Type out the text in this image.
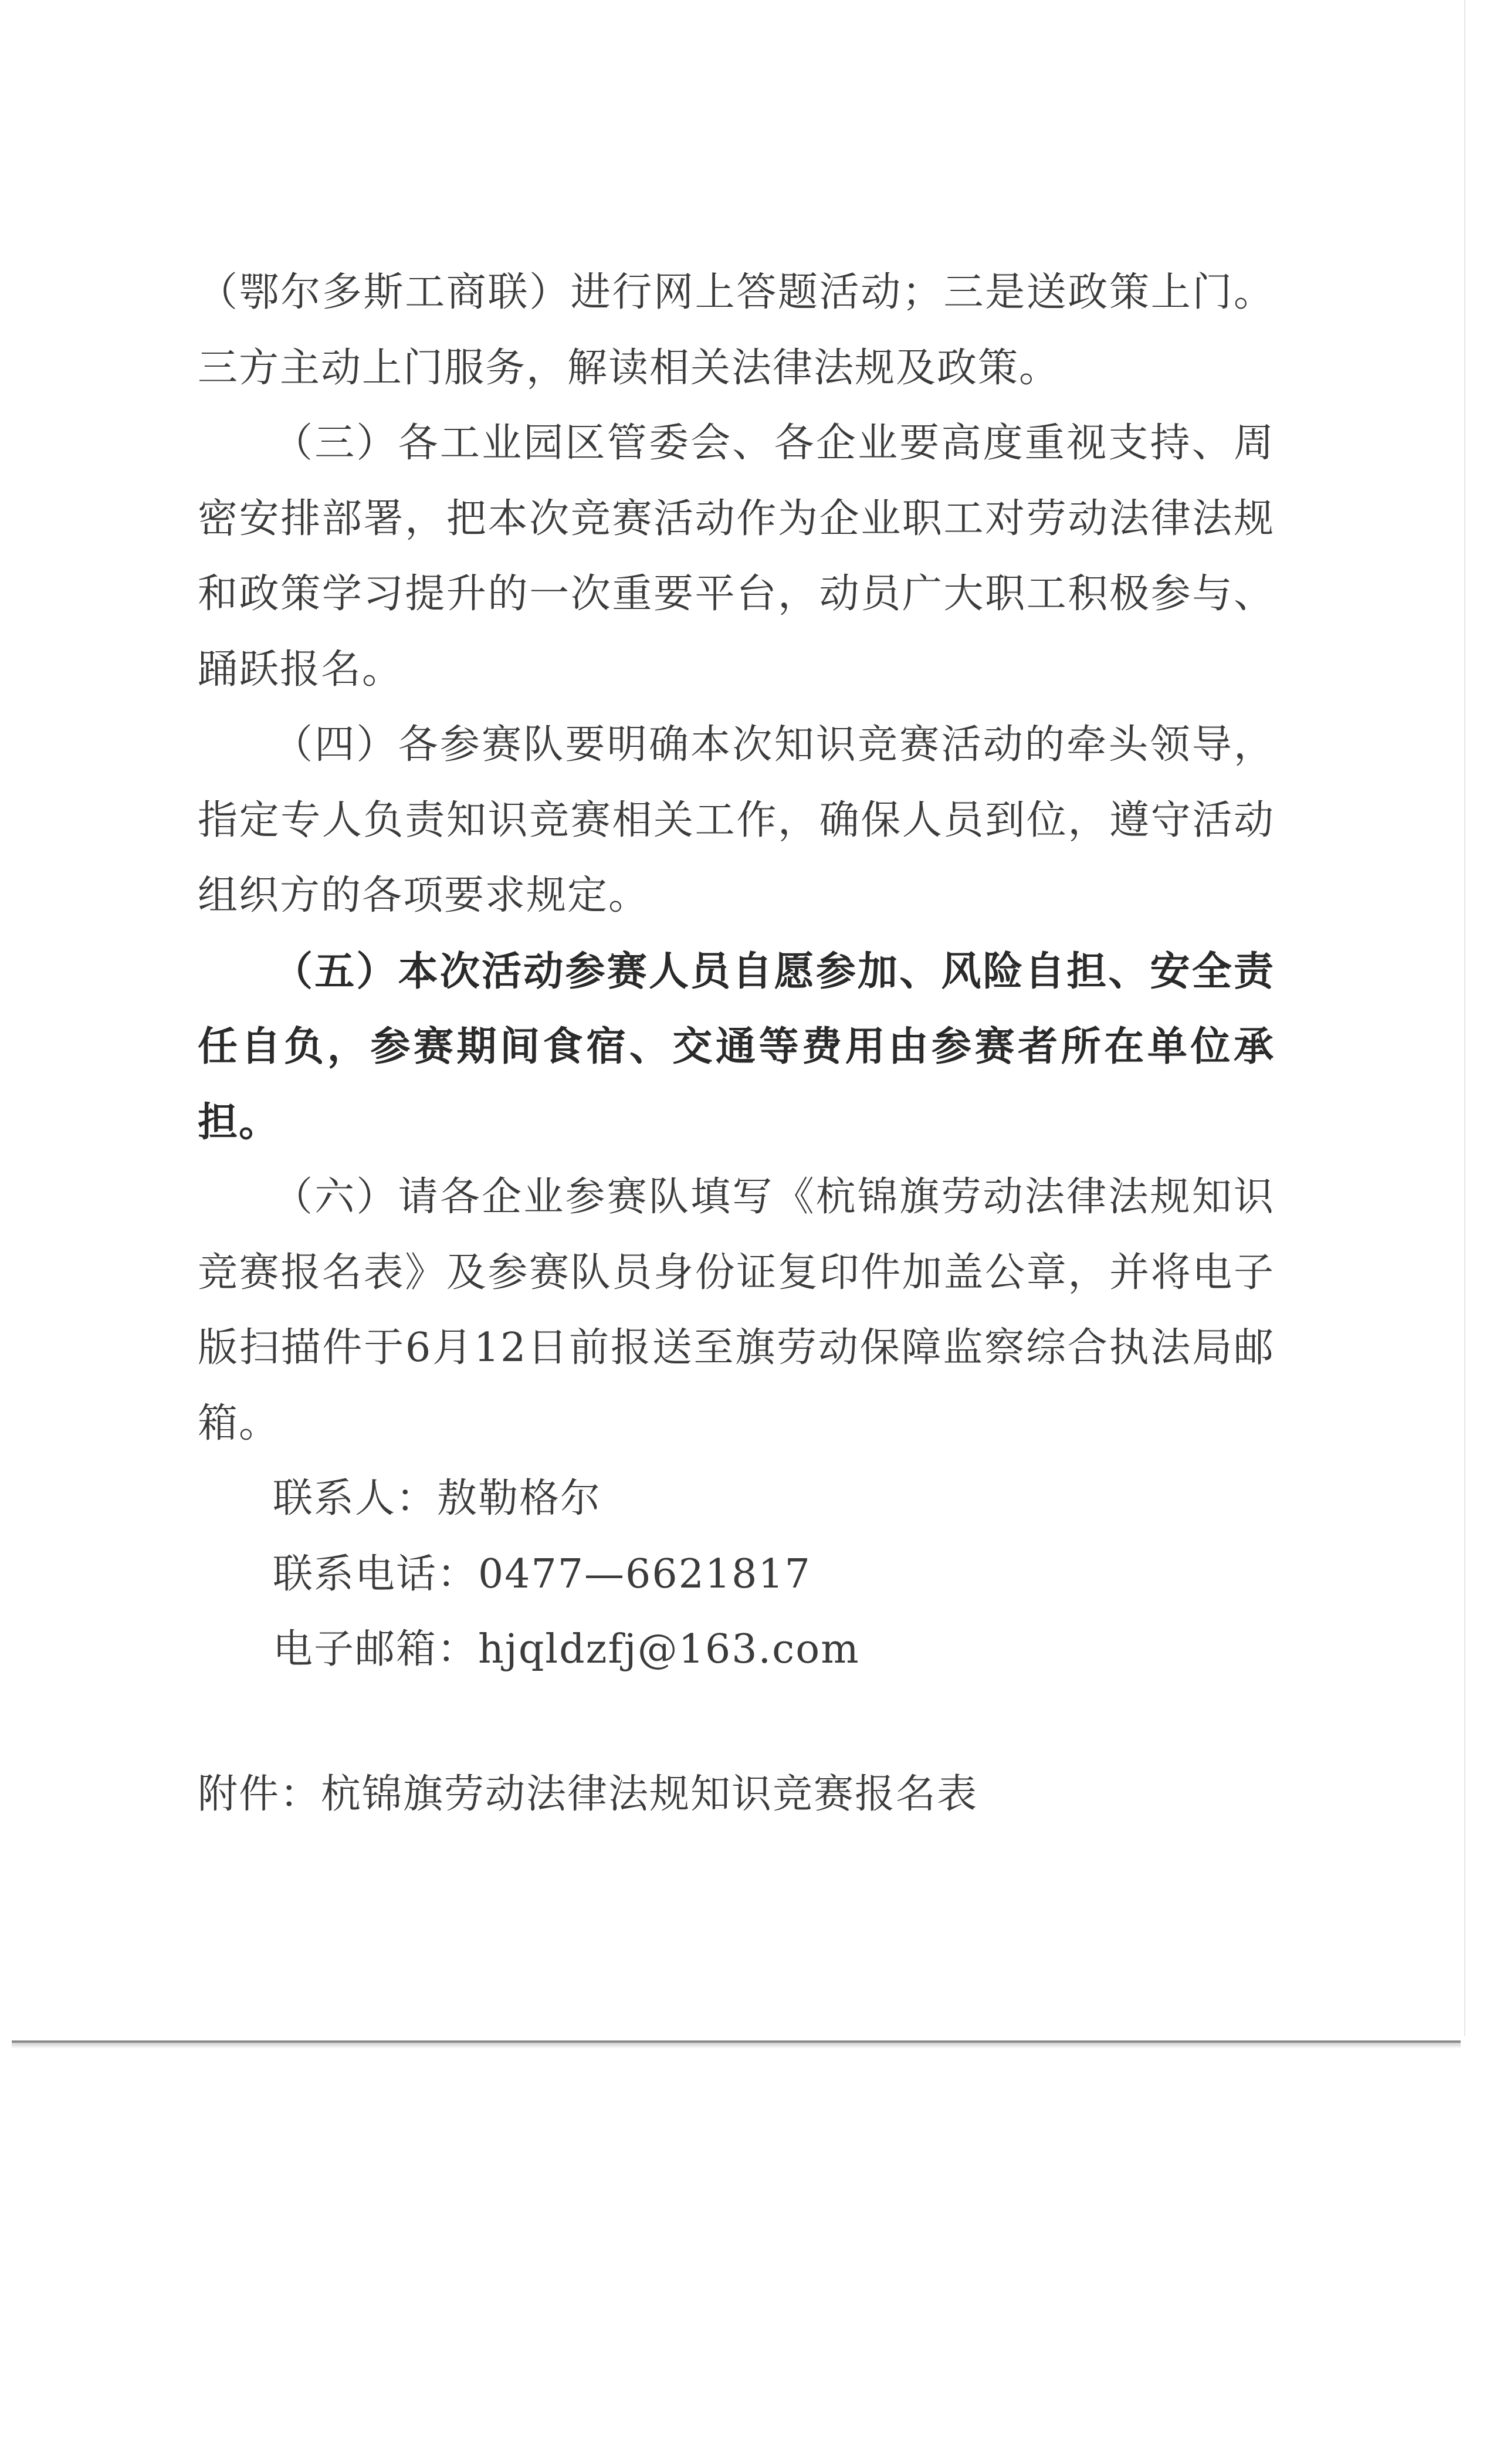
（鄂尔多斯工商联）进行网上答题活动；三是送政策上门。三方主动上门服务，解读相关法律法规及政策。

（三）各工业园区管委会、各企业要高度重视支持、周密安排部署，把本次竞赛活动作为企业职工对劳动法律法规和政策学习提升的一次重要平台，动员广大职工积极参与、踊跃报名。

（四）各参赛队要明确本次知识竞赛活动的牵头领导，指定专人负责知识竞赛相关工作，确保人员到位，遵守活动组织方的各项要求规定。

（五）本次活动参赛人员自愿参加、风险自担、安全责任自负，参赛期间食宿、交通等费用由参赛者所在单位承担。

（六）请各企业参赛队填写《杭锦旗劳动法律法规知识竞赛报名表》及参赛队员身份证复印件加盖公章，并将电子版扫描件于6月12日前报送至旗劳动保障监察综合执法局邮箱。

联系人：敖勒格尔

联系电话：0477—6621817

电子邮箱：hjqldzfj@163.com

附件：杭锦旗劳动法律法规知识竞赛报名表
